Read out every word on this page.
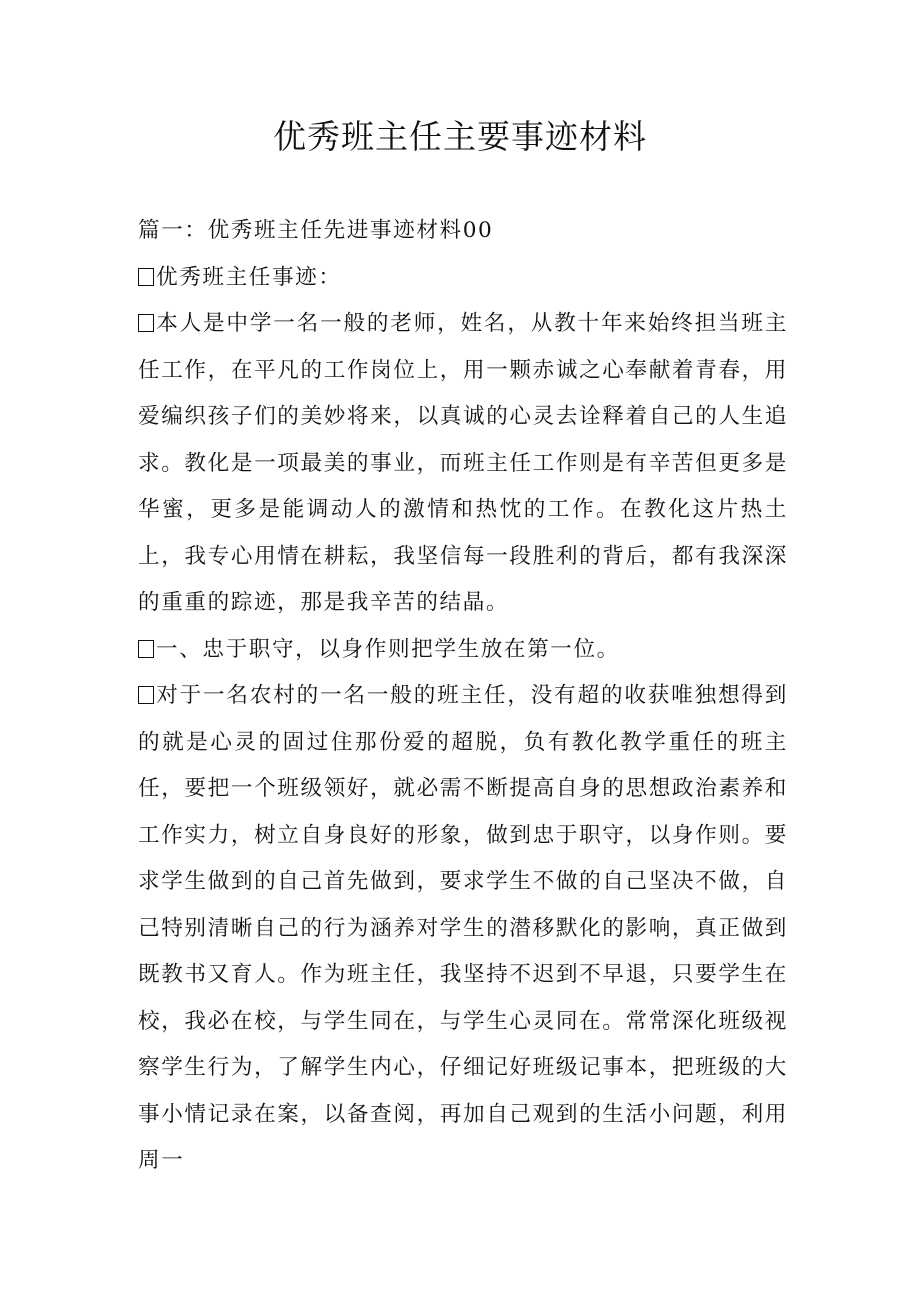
优秀班主任主要事迹材料

篇一：优秀班主任先进事迹材料00

优秀班主任事迹：

本人是中学一名一般的老师，姓名，从教十年来始终担当班主任工作，在平凡的工作岗位上，用一颗赤诚之心奉献着青春，用爱编织孩子们的美妙将来，以真诚的心灵去诠释着自己的人生追求。教化是一项最美的事业，而班主任工作则是有辛苦但更多是华蜜，更多是能调动人的激情和热忱的工作。在教化这片热土上，我专心用情在耕耘，我坚信每一段胜利的背后，都有我深深的重重的踪迹，那是我辛苦的结晶。

一、忠于职守，以身作则把学生放在第一位。

对于一名农村的一名一般的班主任，没有超的收获唯独想得到的就是心灵的固过住那份爱的超脱，负有教化教学重任的班主任，要把一个班级领好，就必需不断提高自身的思想政治素养和工作实力，树立自身良好的形象，做到忠于职守，以身作则。要求学生做到的自己首先做到，要求学生不做的自己坚决不做，自己特别清晰自己的行为涵养对学生的潜移默化的影响，真正做到既教书又育人。作为班主任，我坚持不迟到不早退，只要学生在校，我必在校，与学生同在，与学生心灵同在。常常深化班级视察学生行为，了解学生内心，仔细记好班级记事本，把班级的大事小情记录在案，以备查阅，再加自己观到的生活小问题，利用周一
